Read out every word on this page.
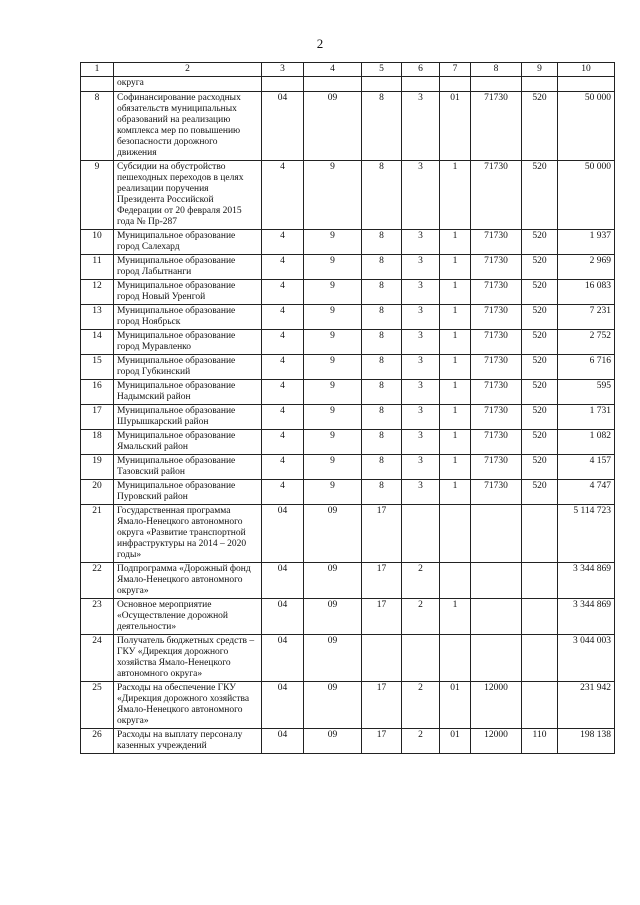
2
1	2	3	4	5	6	7	8	9	10
	округа								
8	Софинансирование расходных обязательств муниципальных образований на реализацию комплекса мер по повышению безопасности дорожного движения	04	09	8	3	01	71730	520	50 000
9	Субсидии на обустройство пешеходных переходов в целях реализации поручения Президента Российской Федерации от 20 февраля 2015 года № Пр-287	4	9	8	3	1	71730	520	50 000
10	Муниципальное образование город Салехард	4	9	8	3	1	71730	520	1 937
11	Муниципальное образование город Лабытнанги	4	9	8	3	1	71730	520	2 969
12	Муниципальное образование город Новый Уренгой	4	9	8	3	1	71730	520	16 083
13	Муниципальное образование город Ноябрьск	4	9	8	3	1	71730	520	7 231
14	Муниципальное образование город Муравленко	4	9	8	3	1	71730	520	2 752
15	Муниципальное образование город Губкинский	4	9	8	3	1	71730	520	6 716
16	Муниципальное образование Надымский район	4	9	8	3	1	71730	520	595
17	Муниципальное образование Шурышкарский район	4	9	8	3	1	71730	520	1 731
18	Муниципальное образование Ямальский район	4	9	8	3	1	71730	520	1 082
19	Муниципальное образование Тазовский район	4	9	8	3	1	71730	520	4 157
20	Муниципальное образование Пуровский район	4	9	8	3	1	71730	520	4 747
21	Государственная программа Ямало-Ненецкого автономного округа «Развитие транспортной инфраструктуры на 2014 – 2020 годы»	04	09	17					5 114 723
22	Подпрограмма «Дорожный фонд Ямало-Ненецкого автономного округа»	04	09	17	2				3 344 869
23	Основное мероприятие «Осуществление дорожной деятельности»	04	09	17	2	1			3 344 869
24	Получатель бюджетных средств – ГКУ «Дирекция дорожного хозяйства Ямало-Ненецкого автономного округа»	04	09						3 044 003
25	Расходы на обеспечение ГКУ «Дирекция дорожного хозяйства Ямало-Ненецкого автономного округа»	04	09	17	2	01	12000		231 942
26	Расходы на выплату персоналу казенных учреждений	04	09	17	2	01	12000	110	198 138
